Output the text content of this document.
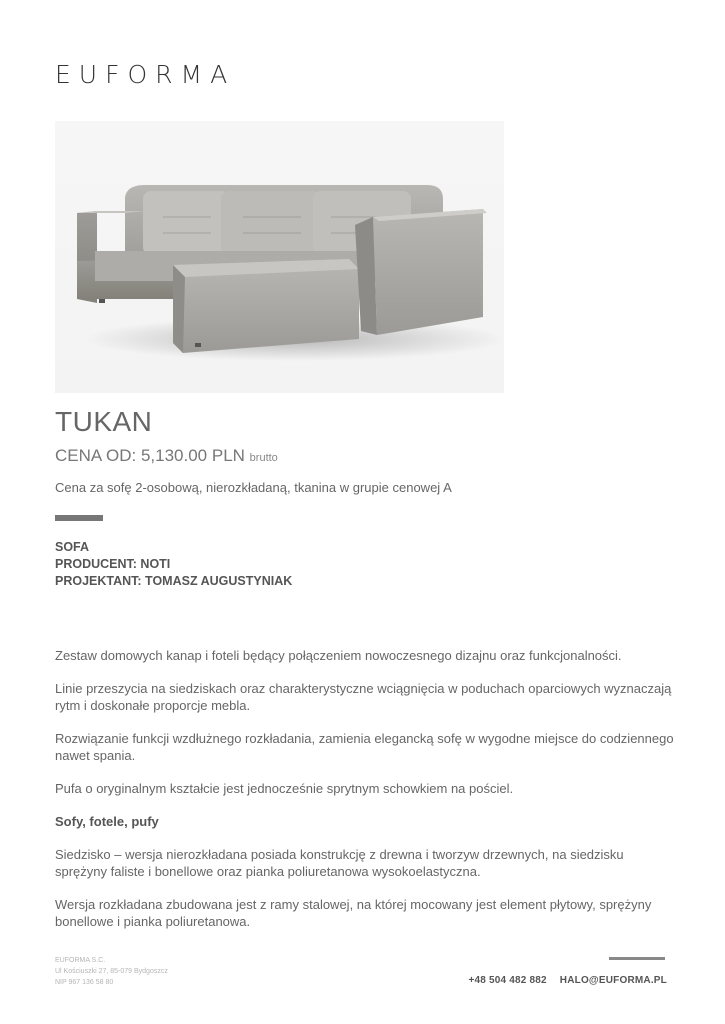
EUFORMA
TUKAN
CENA OD: 5,130.00 PLN brutto
Cena za sofę 2-osobową, nierozkładaną, tkanina w grupie cenowej A
SOFA
PRODUCENT: NOTI
PROJEKTANT: TOMASZ AUGUSTYNIAK

Zestaw domowych kanap i foteli będący połączeniem nowoczesnego dizajnu oraz funkcjonalności.

Linie przeszycia na siedziskach oraz charakterystyczne wciągnięcia w poduchach oparciowych wyznaczają rytm i doskonałe proporcje mebla.

Rozwiązanie funkcji wzdłużnego rozkładania, zamienia elegancką sofę w wygodne miejsce do codziennego nawet spania.

Pufa o oryginalnym kształcie jest jednocześnie sprytnym schowkiem na pościel.

Sofy, fotele, pufy

Siedzisko – wersja nierozkładana posiada konstrukcję z drewna i tworzyw drzewnych, na siedzisku sprężyny faliste i bonellowe oraz pianka poliuretanowa wysokoelastyczna.

Wersja rozkładana zbudowana jest z ramy stalowej, na której mocowany jest element płytowy, sprężyny bonellowe i pianka poliuretanowa.

EUFORMA S.C.
Ul Kościuszki 27, 85-079 Bydgoszcz
NIP 967 136 58 80	+48 504 482 882 HALO@EUFORMA.PL
